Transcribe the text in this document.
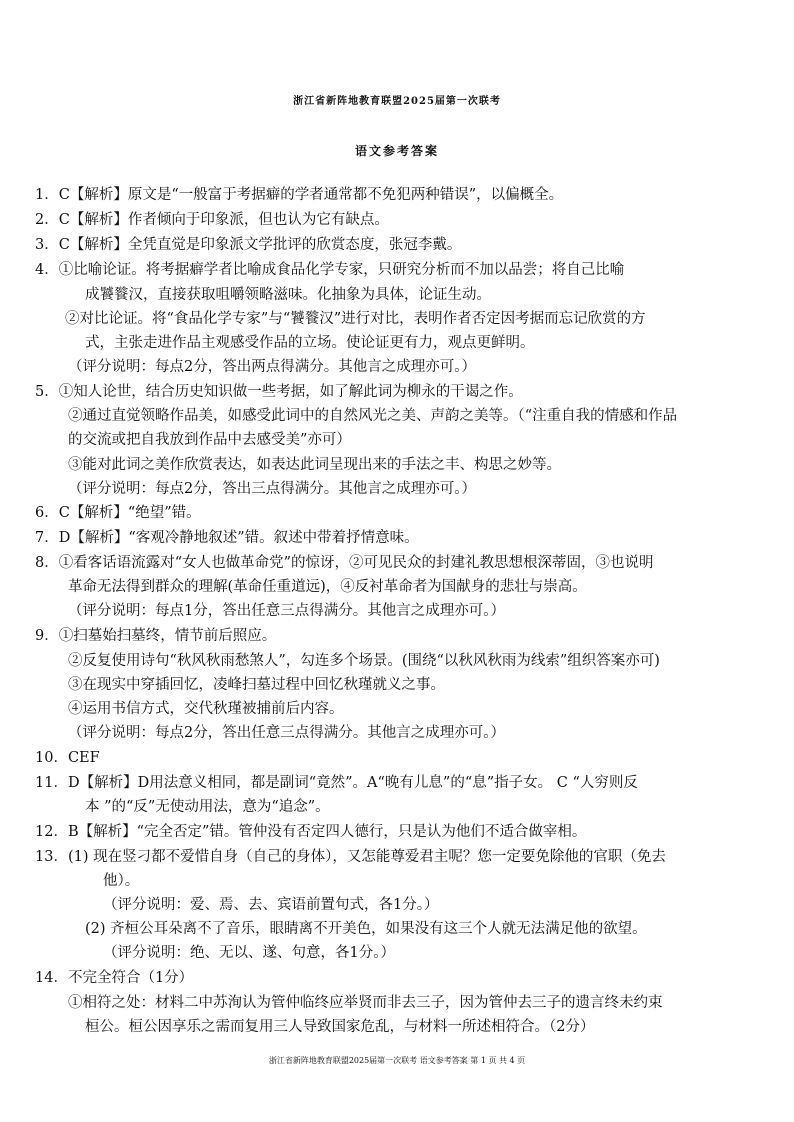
浙江省新阵地教育联盟2025届第一次联考
语文参考答案
1．C【解析】原文是“一般富于考据癖的学者通常都不免犯两种错误”，以偏概全。
2．C【解析】作者倾向于印象派，但也认为它有缺点。
3．C【解析】全凭直觉是印象派文学批评的欣赏态度，张冠李戴。
4．①比喻论证。将考据癖学者比喻成食品化学专家，只研究分析而不加以品尝；将自己比喻
成饕餮汉，直接获取咀嚼领略滋味。化抽象为具体，论证生动。
②对比论证。将“食品化学专家”与“饕餮汉”进行对比，表明作者否定因考据而忘记欣赏的方
式，主张走进作品主观感受作品的立场。使论证更有力，观点更鲜明。
（评分说明：每点2分，答出两点得满分。其他言之成理亦可。）
5．①知人论世，结合历史知识做一些考据，如了解此词为柳永的干谒之作。
②通过直觉领略作品美，如感受此词中的自然风光之美、声韵之美等。（“注重自我的情感和作品
的交流或把自我放到作品中去感受美”亦可）
③能对此词之美作欣赏表达，如表达此词呈现出来的手法之丰、构思之妙等。
（评分说明：每点2分，答出三点得满分。其他言之成理亦可。）
6．C【解析】“绝望”错。
7．D【解析】“客观冷静地叙述”错。叙述中带着抒情意味。
8．①看客话语流露对“女人也做革命党”的惊讶，②可见民众的封建礼教思想根深蒂固，③也说明
革命无法得到群众的理解(革命任重道远)，④反衬革命者为国献身的悲壮与崇高。
（评分说明：每点1分，答出任意三点得满分。其他言之成理亦可。）
9．①扫墓始扫墓终，情节前后照应。
②反复使用诗句“秋风秋雨愁煞人”，勾连多个场景。(围绕“以秋风秋雨为线索”组织答案亦可)
③在现实中穿插回忆，凌峰扫墓过程中回忆秋瑾就义之事。
④运用书信方式，交代秋瑾被捕前后内容。
（评分说明：每点2分，答出任意三点得满分。其他言之成理亦可。）
10．CEF
11．D【解析】D用法意义相同，都是副词“竟然”。A“晚有儿息”的“息”指子女。 C “人穷则反
本 ”的“反”无使动用法，意为“追念”。
12．B【解析】“完全否定”错。管仲没有否定四人德行，只是认为他们不适合做宰相。
13．(1) 现在竖刁都不爱惜自身（自己的身体），又怎能尊爱君主呢？您一定要免除他的官职（免去
他）。
（评分说明：爱、焉、去、宾语前置句式，各1分。）
(2) 齐桓公耳朵离不了音乐，眼睛离不开美色，如果没有这三个人就无法满足他的欲望。
（评分说明：绝、无以、遂、句意，各1分。）
14．不完全符合（1分）
①相符之处：材料二中苏洵认为管仲临终应举贤而非去三子，因为管仲去三子的遗言终未约束
桓公。桓公因享乐之需而复用三人导致国家危乱，与材料一所述相符合。（2分）
浙江省新阵地教育联盟2025届第一次联考 语文参考答案 第 1 页 共 4 页
